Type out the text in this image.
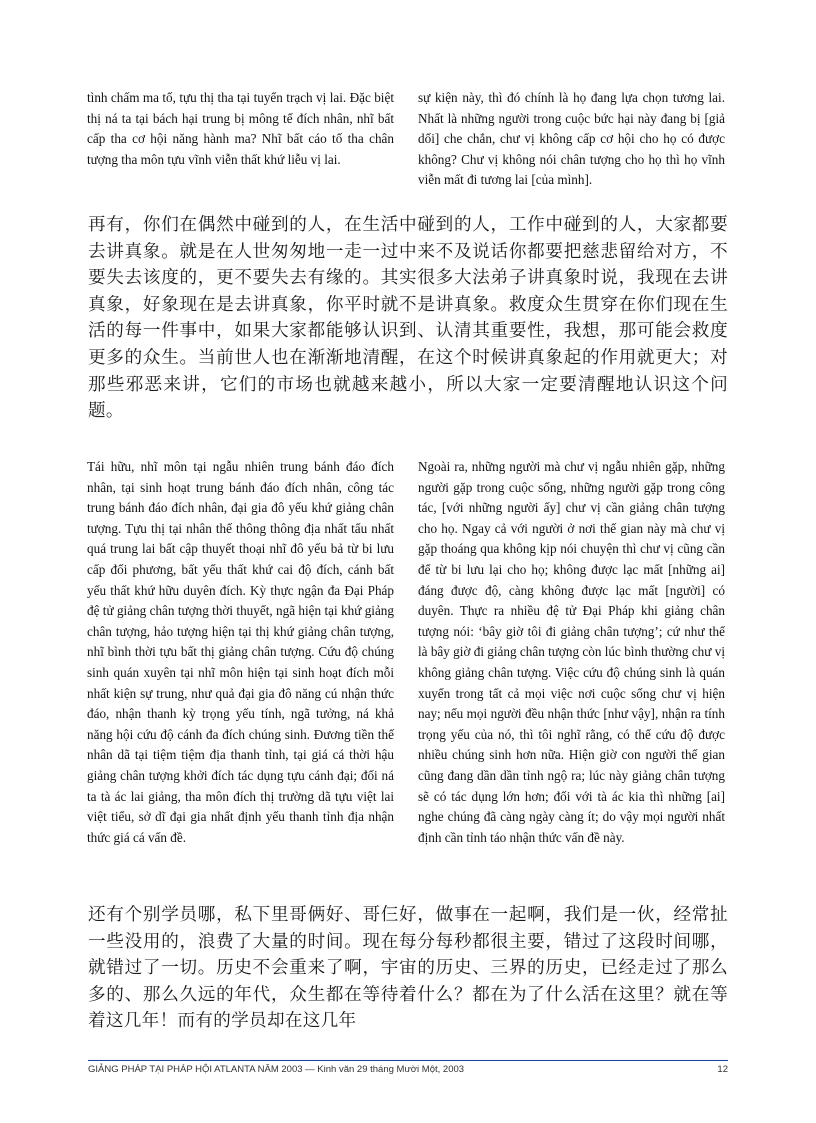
tình chấm ma tố, tựu thị tha tại tuyển trạch vị lai. Đặc biệt thị ná ta tại bách hại trung bị mông tế đích nhân, nhĩ bất cấp tha cơ hội năng hành ma? Nhĩ bất cáo tố tha chân tượng tha môn tựu vĩnh viễn thất khứ liễu vị lai.

sự kiện này, thì đó chính là họ đang lựa chọn tương lai. Nhất là những người trong cuộc bức hại này đang bị [giả dối] che chắn, chư vị không cấp cơ hội cho họ có được không? Chư vị không nói chân tượng cho họ thì họ vĩnh viễn mất đi tương lai [của mình].

再有，你们在偶然中碰到的人，在生活中碰到的人，工作中碰到的人，大家都要去讲真象。就是在人世匆匆地一走一过中来不及说话你都要把慈悲留给对方，不要失去该度的，更不要失去有缘的。其实很多大法弟子讲真象时说，我现在去讲真象，好象现在是去讲真象，你平时就不是讲真象。救度众生贯穿在你们现在生活的每一件事中，如果大家都能够认识到、认清其重要性，我想，那可能会救度更多的众生。当前世人也在渐渐地清醒，在这个时候讲真象起的作用就更大；对那些邪恶来讲，它们的市场也就越来越小，所以大家一定要清醒地认识这个问题。

Tái hữu, nhĩ môn tại ngẫu nhiên trung bánh đáo đích nhân, tại sinh hoạt trung bánh đáo đích nhân, công tác trung bánh đáo đích nhân, đại gia đô yếu khứ giảng chân tượng. Tựu thị tại nhân thế thông thông địa nhất tẩu nhất quá trung lai bất cập thuyết thoại nhĩ đô yếu bả từ bi lưu cấp đối phương, bất yếu thất khứ cai độ đích, cánh bất yếu thất khứ hữu duyên đích. Kỳ thực ngận đa Đại Pháp đệ tử giảng chân tượng thời thuyết, ngã hiện tại khứ giảng chân tượng, hảo tượng hiện tại thị khứ giảng chân tượng, nhĩ bình thời tựu bất thị giảng chân tượng. Cứu độ chúng sinh quán xuyên tại nhĩ môn hiện tại sinh hoạt đích mỗi nhất kiện sự trung, như quả đại gia đô năng cú nhận thức đáo, nhận thanh kỳ trọng yếu tính, ngã tưởng, ná khả năng hội cứu độ cánh đa đích chúng sinh. Đương tiền thế nhân dã tại tiệm tiệm địa thanh tỉnh, tại giá cá thời hậu giảng chân tượng khởi đích tác dụng tựu cánh đại; đối ná ta tà ác lai giảng, tha môn đích thị trường dã tựu việt lai việt tiểu, sở dĩ đại gia nhất định yếu thanh tỉnh địa nhận thức giá cá vấn đề.

Ngoài ra, những người mà chư vị ngẫu nhiên gặp, những người gặp trong cuộc sống, những người gặp trong công tác, [với những người ấy] chư vị cần giảng chân tượng cho họ. Ngay cả với người ở nơi thế gian này mà chư vị gặp thoáng qua không kịp nói chuyện thì chư vị cũng cần để từ bi lưu lại cho họ; không được lạc mất [những ai] đáng được độ, càng không được lạc mất [người] có duyên. Thực ra nhiều đệ tử Đại Pháp khi giảng chân tượng nói: ‘bây giờ tôi đi giảng chân tượng’; cứ như thể là bây giờ đi giảng chân tượng còn lúc bình thường chư vị không giảng chân tượng. Việc cứu độ chúng sinh là quán xuyến trong tất cả mọi việc nơi cuộc sống chư vị hiện nay; nếu mọi người đều nhận thức [như vậy], nhận ra tính trọng yếu của nó, thì tôi nghĩ rằng, có thể cứu độ được nhiều chúng sinh hơn nữa. Hiện giờ con người thế gian cũng đang dần dần tỉnh ngộ ra; lúc này giảng chân tượng sẽ có tác dụng lớn hơn; đối với tà ác kia thì những [ai] nghe chúng đã càng ngày càng ít; do vậy mọi người nhất định cần tỉnh táo nhận thức vấn đề này.

还有个别学员哪，私下里哥俩好、哥仨好，做事在一起啊，我们是一伙，经常扯一些没用的，浪费了大量的时间。现在每分每秒都很主要，错过了这段时间哪，就错过了一切。历史不会重来了啊，宇宙的历史、三界的历史，已经走过了那么多的、那么久远的年代，众生都在等待着什么？都在为了什么活在这里？就在等着这几年！而有的学员却在这几年

GIẢNG PHÁP TẠI PHÁP HỘI ATLANTA NĂM 2003 — Kinh văn 29 tháng Mười Một, 2003	12
